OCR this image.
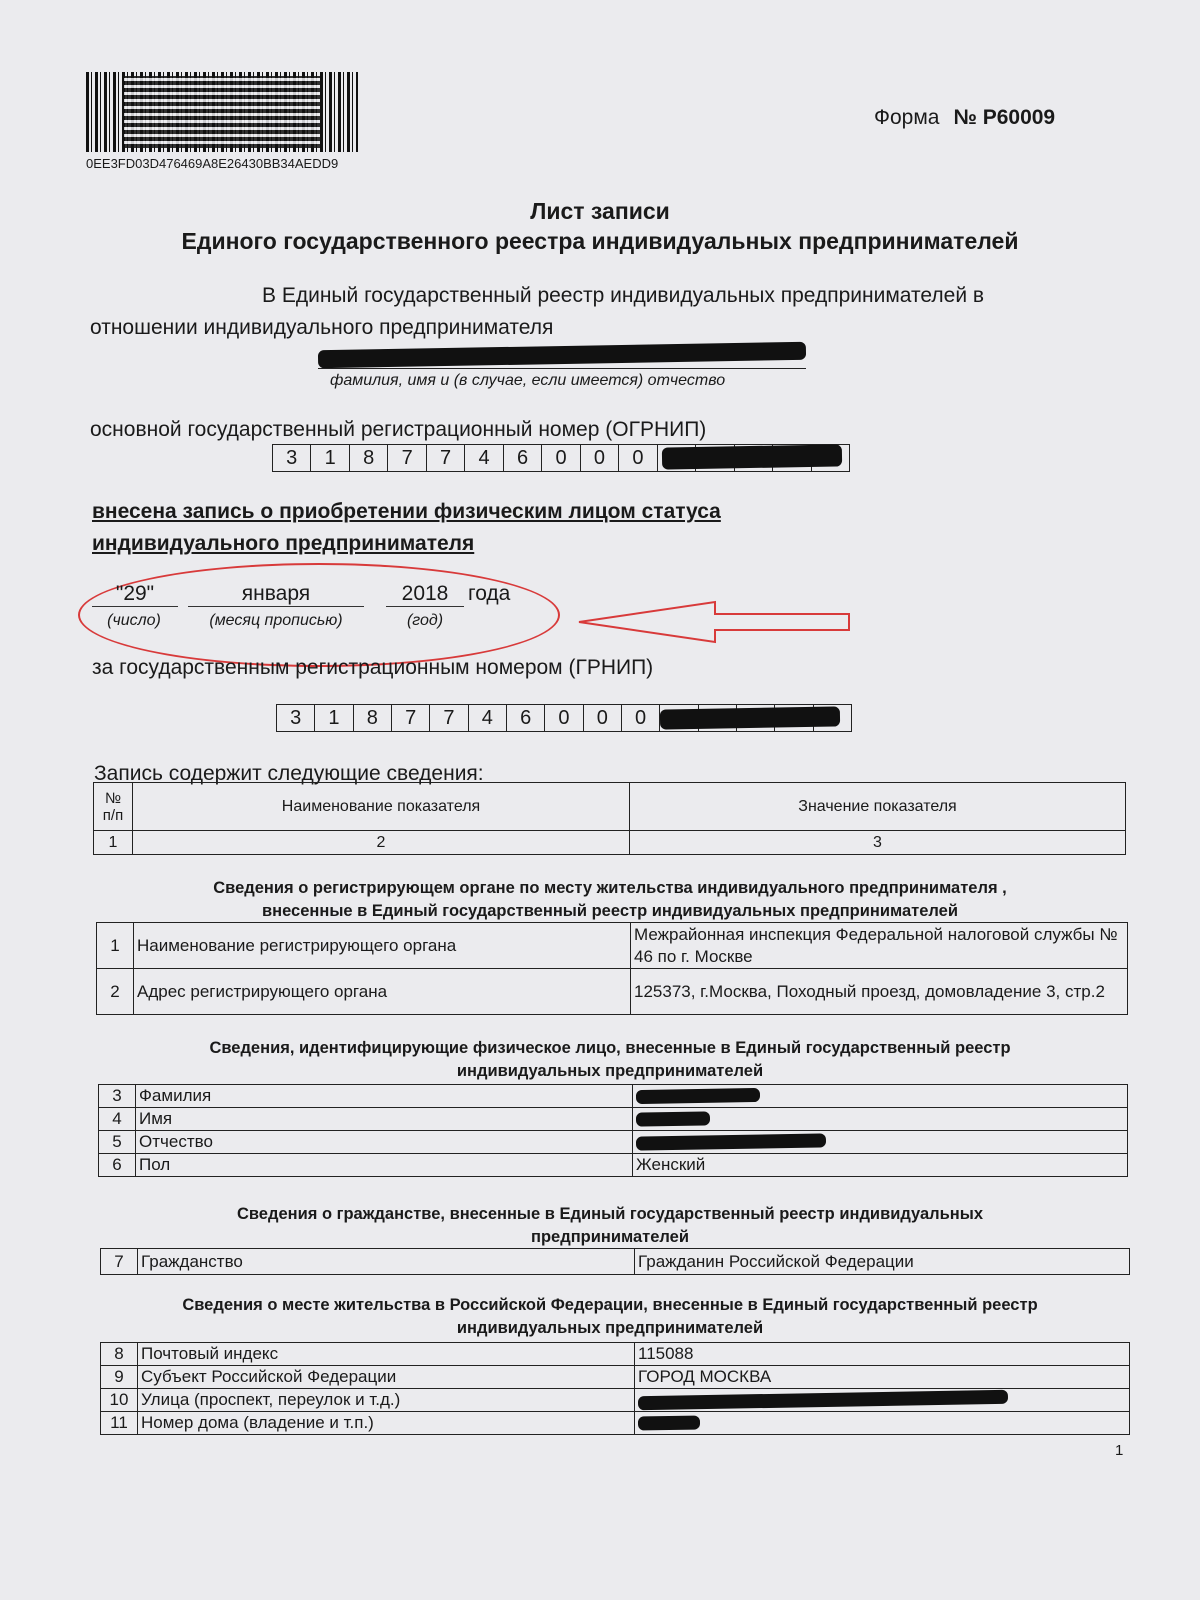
0EE3FD03D476469A8E26430BB34AEDD9
Форма № Р60009
Лист записи
Единого государственного реестра индивидуальных предпринимателей
В Единый государственный реестр индивидуальных предпринимателей в
отношении индивидуального предпринимателя
фамилия, имя и (в случае, если имеется) отчество
основной государственный регистрационный номер (ОГРНИП)
3	1	8	7	7	4	6	0	0	0
внесена запись о приобретении физическим лицом статуса
индивидуального предпринимателя
"29"	января	2018 года
(число)	(месяц прописью)	(год)
за государственным регистрационным номером (ГРНИП)
3	1	8	7	7	4	6	0	0	0
Запись содержит следующие сведения:
№ п/п	Наименование показателя	Значение показателя
1	2	3
Сведения о регистрирующем органе по месту жительства индивидуального предпринимателя ,
внесенные в Единый государственный реестр индивидуальных предпринимателей
1	Наименование регистрирующего органа	Межрайонная инспекция Федеральной налоговой службы № 46 по г. Москве
2	Адрес регистрирующего органа	125373, г.Москва, Походный проезд, домовладение 3, стр.2
Сведения, идентифицирующие физическое лицо, внесенные в Единый государственный реестр
индивидуальных предпринимателей
3	Фамилия	

4	Имя	

5	Отчество	

6	Пол	Женский
Сведения о гражданстве, внесенные в Единый государственный реестр индивидуальных
предпринимателей
7	Гражданство	Гражданин Российской Федерации
Сведения о месте жительства в Российской Федерации, внесенные в Единый государственный реестр
индивидуальных предпринимателей
8	Почтовый индекс	115088
9	Субъект Российской Федерации	ГОРОД МОСКВА
10	Улица (проспект, переулок и т.д.)	

11	Номер дома (владение и т.п.)	
1
